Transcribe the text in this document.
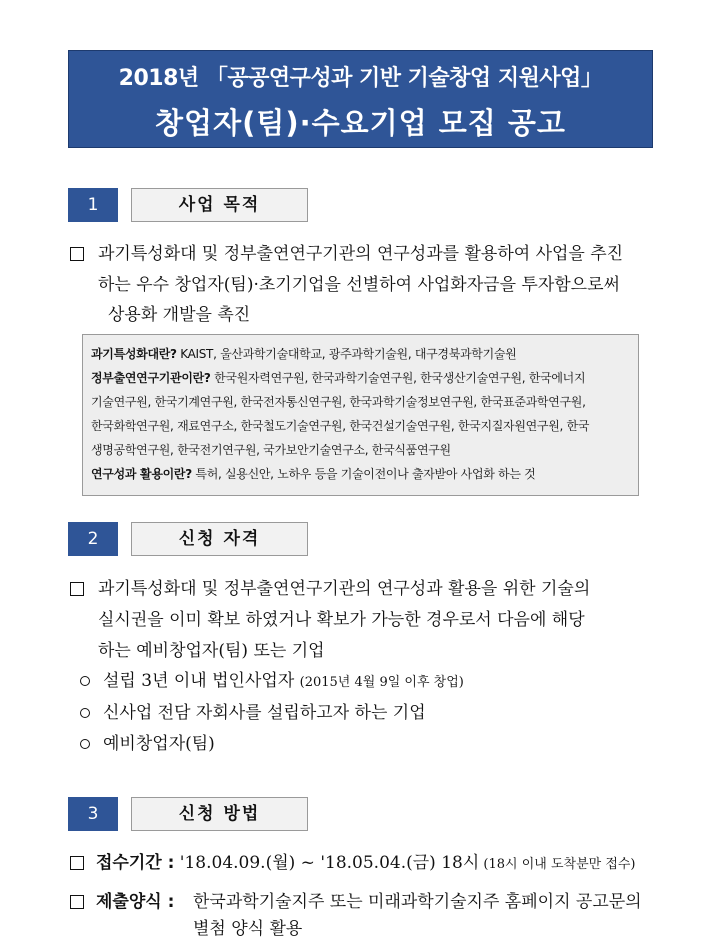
2018년 「공공연구성과 기반 기술창업 지원사업」
창업자(팀)·수요기업 모집 공고
1	사업 목적
과기특성화대 및 정부출연연구기관의 연구성과를 활용하여 사업을 추진
하는 우수 창업자(팀)·초기기업을 선별하여 사업화자금을 투자함으로써
상용화 개발을 촉진
과기특성화대란? KAIST, 울산과학기술대학교, 광주과학기술원, 대구경북과학기술원
정부출연연구기관이란? 한국원자력연구원, 한국과학기술연구원, 한국생산기술연구원, 한국에너지
기술연구원, 한국기계연구원, 한국전자통신연구원, 한국과학기술정보연구원, 한국표준과학연구원,
한국화학연구원, 재료연구소, 한국철도기술연구원, 한국건설기술연구원, 한국지질자원연구원, 한국
생명공학연구원, 한국전기연구원, 국가보안기술연구소, 한국식품연구원
연구성과 활용이란? 특허, 실용신안, 노하우 등을 기술이전이나 출자받아 사업화 하는 것
2	신청 자격
과기특성화대 및 정부출연연구기관의 연구성과 활용을 위한 기술의
실시권을 이미 확보 하였거나 확보가 가능한 경우로서 다음에 해당
하는 예비창업자(팀) 또는 기업
설립 3년 이내 법인사업자 (2015년 4월 9일 이후 창업)
신사업 전담 자회사를 설립하고자 하는 기업
예비창업자(팀)
3	신청 방법
접수기간 : '18.04.09.(월) ~ '18.05.04.(금) 18시 (18시 이내 도착분만 접수)
제출양식 : 한국과학기술지주 또는 미래과학기술지주 홈페이지 공고문의
별첨 양식 활용
